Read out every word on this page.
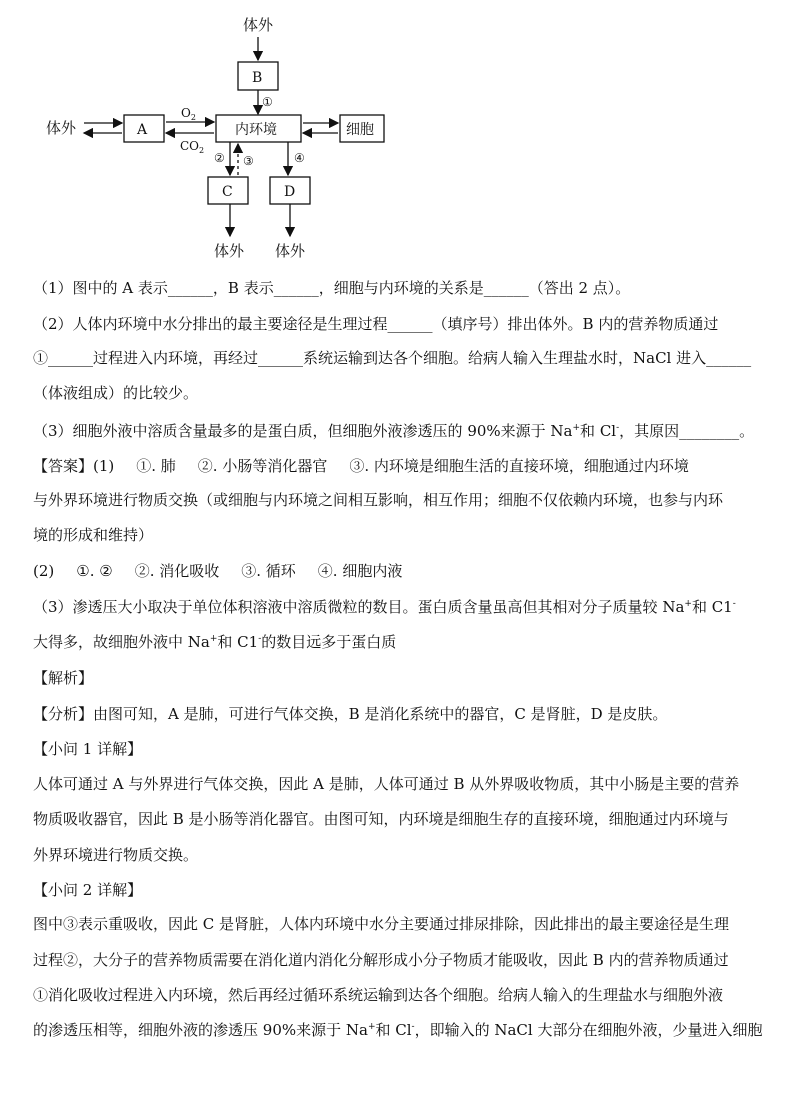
体外
B
①
体外	A
$O_2$
$CO_2$
内环境	细胞
② ③	④
C	D
体外 体外
（1）图中的 A 表示______，B 表示______，细胞与内环境的关系是______（答出 2 点）。
（2）人体内环境中水分排出的最主要途径是生理过程______（填序号）排出体外。B 内的营养物质通过
①______过程进入内环境，再经过______系统运输到达各个细胞。给病人输入生理盐水时，NaCl 进入______
（体液组成）的比较少。
（3）细胞外液中溶质含量最多的是蛋白质，但细胞外液渗透压的 90%来源于 Na+和 Cl-，其原因________。
【答案】(1) ①. 肺 ②. 小肠等消化器官 ③. 内环境是细胞生活的直接环境，细胞通过内环境
与外界环境进行物质交换（或细胞与内环境之间相互影响，相互作用；细胞不仅依赖内环境，也参与内环
境的形成和维持）
(2) ①. ② ②. 消化吸收 ③. 循环 ④. 细胞内液
（3）渗透压大小取决于单位体积溶液中溶质微粒的数目。蛋白质含量虽高但其相对分子质量较 Na+和 C1-
大得多，故细胞外液中 Na+和 C1-的数目远多于蛋白质
【解析】
【分析】由图可知，A 是肺，可进行气体交换，B 是消化系统中的器官，C 是肾脏，D 是皮肤。
【小问 1 详解】
人体可通过 A 与外界进行气体交换，因此 A 是肺，人体可通过 B 从外界吸收物质，其中小肠是主要的营养
物质吸收器官，因此 B 是小肠等消化器官。由图可知，内环境是细胞生存的直接环境，细胞通过内环境与
外界环境进行物质交换。
【小问 2 详解】
图中③表示重吸收，因此 C 是肾脏，人体内环境中水分主要通过排尿排除，因此排出的最主要途径是生理
过程②，大分子的营养物质需要在消化道内消化分解形成小分子物质才能吸收，因此 B 内的营养物质通过
①消化吸收过程进入内环境，然后再经过循环系统运输到达各个细胞。给病人输入的生理盐水与细胞外液
的渗透压相等，细胞外液的渗透压 90%来源于 Na+和 Cl-，即输入的 NaCl 大部分在细胞外液，少量进入细胞
